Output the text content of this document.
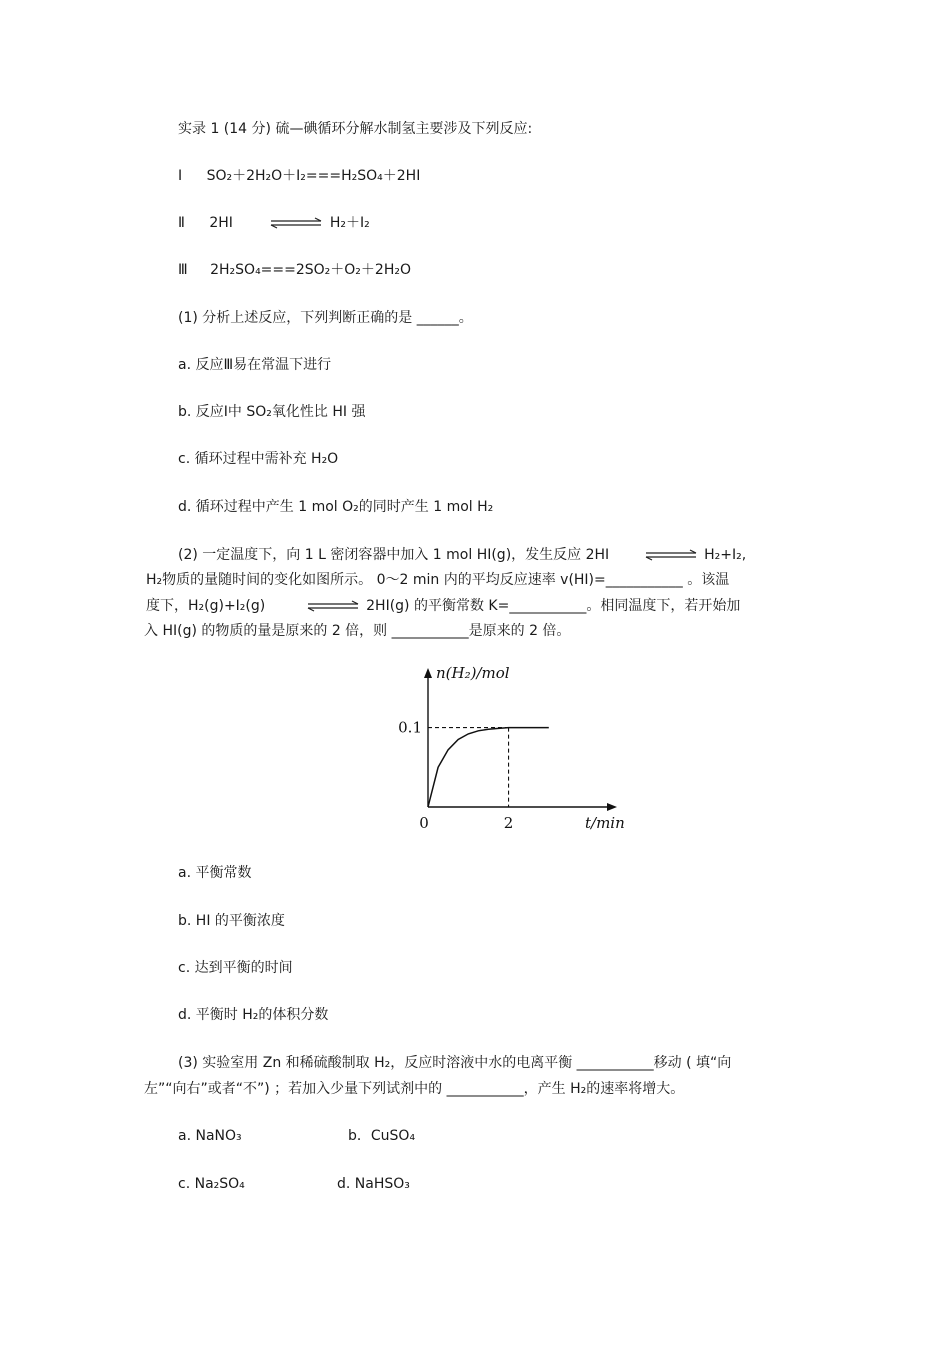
实录 1 (14 分) 硫—碘循环分解水制氢主要涉及下列反应:
Ⅰ SO₂＋2H₂O＋I₂===H₂SO₄＋2HI
Ⅱ 2HI	⇌ H₂＋I₂
Ⅲ 2H₂SO₄===2SO₂＋O₂＋2H₂O
(1) 分析上述反应，下列判断正确的是 ______。
a. 反应Ⅲ易在常温下进行
b. 反应Ⅰ中 SO₂氧化性比 HI 强
c. 循环过程中需补充 H₂O
d. 循环过程中产生 1 mol O₂的同时产生 1 mol H₂
(2) 一定温度下，向 1 L 密闭容器中加入 1 mol HI(g)，发生反应 2HI ⇌ H₂+I₂,
H₂物质的量随时间的变化如图所示。 0～2 min 内的平均反应速率 v(HI)=___________ 。该温
度下，H₂(g)+I₂(g)	⇌ 2HI(g) 的平衡常数 K=___________。相同温度下，若开始加
入 HI(g) 的物质的量是原来的 2 倍，则 ___________是原来的 2 倍。
n(H₂)/mol
t/min
0	2
0.1
a. 平衡常数
b. HI 的平衡浓度
c. 达到平衡的时间
d. 平衡时 H₂的体积分数
(3) 实验室用 Zn 和稀硫酸制取 H₂，反应时溶液中水的电离平衡 ___________移动 ( 填“向
左”“向右”或者“不”) ；若加入少量下列试剂中的 ___________，产生 H₂的速率将增大。
a. NaNO₃	b．CuSO₄
c. Na₂SO₄	d. NaHSO₃
